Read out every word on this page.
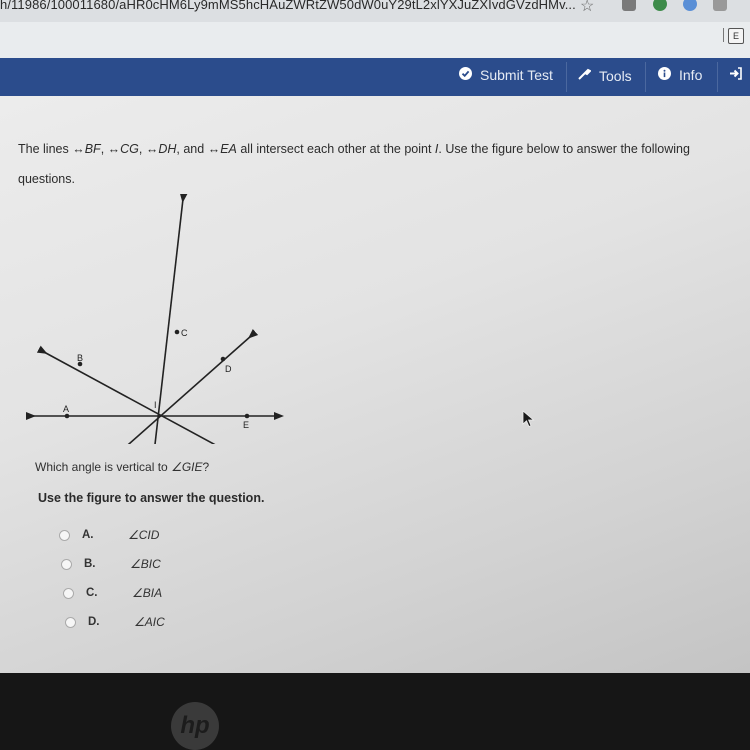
h/11986/100011680/aHR0cHM6Ly9mMS5hcHAuZWRtZW50dW0uY29tL2xlYXJuZXIvdGVzdHMv... ☆
E
Submit Test	Tools	Info
The lines ↔BF, ↔CG, ↔DH, and ↔EA all intersect each other at the point I. Use the figure below to answer the following questions.
C
B
D
A	I
E
Which angle is vertical to ∠GIE?
Use the figure to answer the question.
A.	∠CID
B.	∠BIC
C.	∠BIA
D.	∠AIC
hp
